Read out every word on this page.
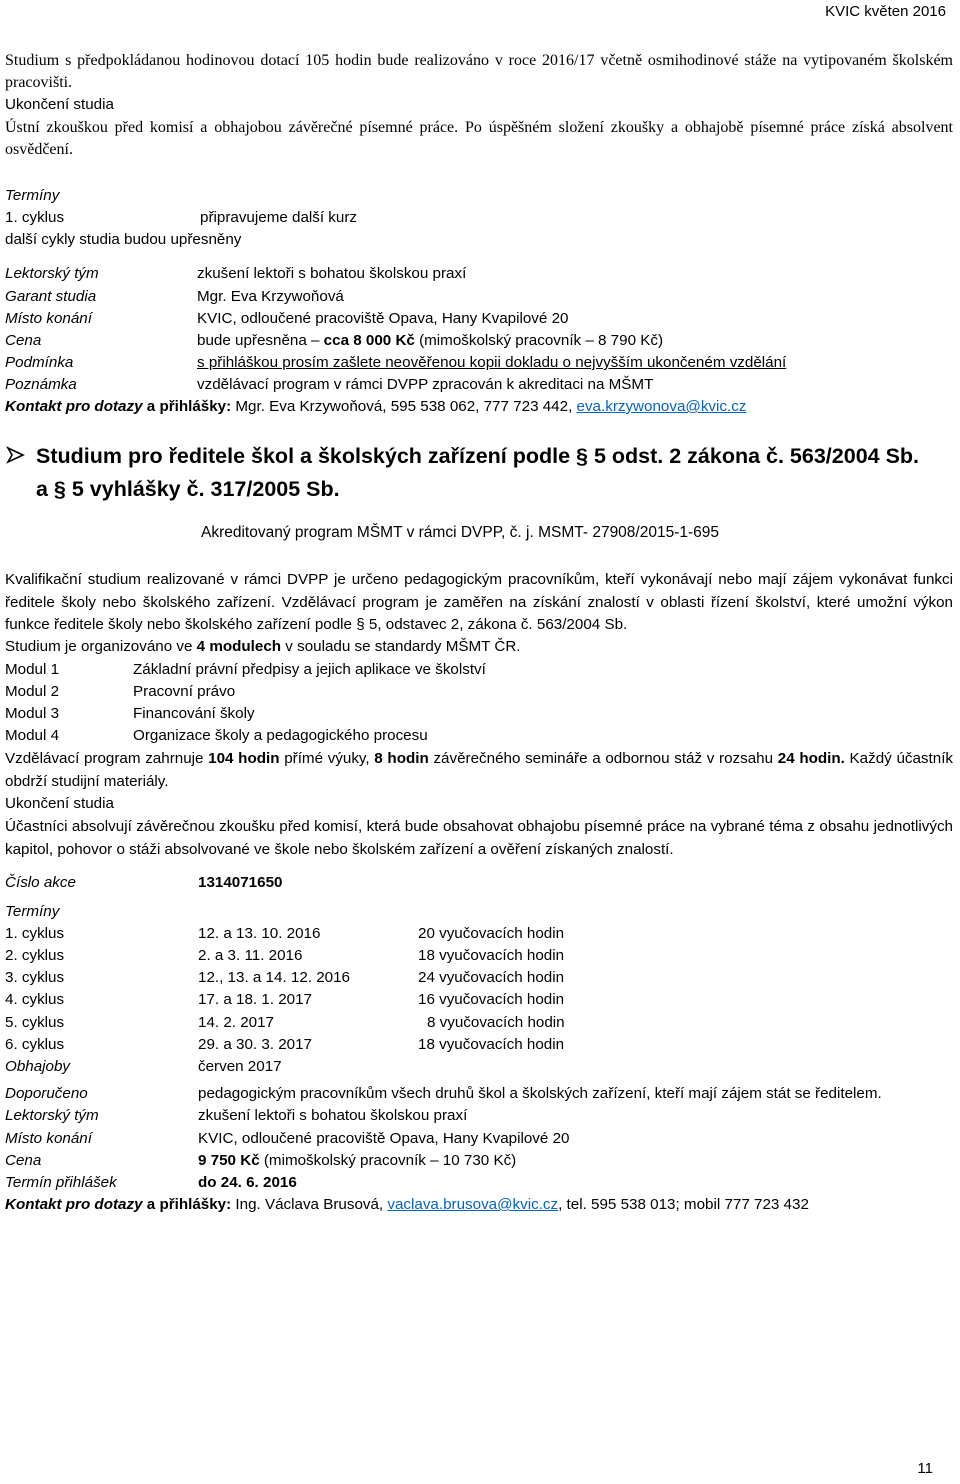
KVIC květen 2016
Studium s předpokládanou hodinovou dotací 105 hodin bude realizováno v roce 2016/17 včetně osmihodinové stáže na vytipovaném školském pracovišti.
Ukončení studia
Ústní zkouškou před komisí a obhajobou závěrečné písemné práce. Po úspěšném složení zkoušky a obhajobě písemné práce získá absolvent osvědčení.
Termíny
1. cyklus	připravujeme další kurz
další cykly studia budou upřesněny
Lektorský tým	zkušení lektoři s bohatou školskou praxí
Garant studia	Mgr. Eva Krzywoňová
Místo konání	KVIC, odloučené pracoviště Opava, Hany Kvapilové 20
Cena	bude upřesněna – cca 8 000 Kč (mimoškolský pracovník – 8 790 Kč)
Podmínka	s přihláškou prosím zašlete neověřenou kopii dokladu o nejvyšším ukončeném vzdělání
Poznámka	vzdělávací program v rámci DVPP zpracován k akreditaci na MŠMT
Kontakt pro dotazy a přihlášky: Mgr. Eva Krzywoňová, 595 538 062, 777 723 442, eva.krzywonova@kvic.cz
Studium pro ředitele škol a školských zařízení podle § 5 odst. 2 zákona č. 563/2004 Sb.
a § 5 vyhlášky č. 317/2005 Sb.
Akreditovaný program MŠMT v rámci DVPP, č. j. MSMT- 27908/2015-1-695
Kvalifikační studium realizované v rámci DVPP je určeno pedagogickým pracovníkům, kteří vykonávají nebo mají zájem vykonávat funkci ředitele školy nebo školského zařízení. Vzdělávací program je zaměřen na získání znalostí v oblasti řízení školství, které umožní výkon funkce ředitele školy nebo školského zařízení podle § 5, odstavec 2, zákona č. 563/2004 Sb.
Studium je organizováno ve 4 modulech v souladu se standardy MŠMT ČR.
Modul 1	Základní právní předpisy a jejich aplikace ve školství
Modul 2	Pracovní právo
Modul 3	Financování školy
Modul 4	Organizace školy a pedagogického procesu
Vzdělávací program zahrnuje 104 hodin přímé výuky, 8 hodin závěrečného semináře a odbornou stáž v rozsahu 24 hodin. Každý účastník obdrží studijní materiály.
Ukončení studia
Účastníci absolvují závěrečnou zkoušku před komisí, která bude obsahovat obhajobu písemné práce na vybrané téma z obsahu jednotlivých kapitol, pohovor o stáži absolvované ve škole nebo školském zařízení a ověření získaných znalostí.
Číslo akce	1314071650
Termíny
1. cyklus	12. a 13. 10. 2016	20 vyučovacích hodin
2. cyklus	2. a 3. 11. 2016	18 vyučovacích hodin
3. cyklus	12., 13. a 14. 12. 2016	24 vyučovacích hodin
4. cyklus	17. a 18. 1. 2017	16 vyučovacích hodin
5. cyklus	14. 2. 2017	8 vyučovacích hodin
6. cyklus	29. a 30. 3. 2017	18 vyučovacích hodin
Obhajoby	červen 2017
Doporučeno	pedagogickým pracovníkům všech druhů škol a školských zařízení, kteří mají zájem stát se ředitelem.
Lektorský tým	zkušení lektoři s bohatou školskou praxí
Místo konání	KVIC, odloučené pracoviště Opava, Hany Kvapilové 20
Cena	9 750 Kč (mimoškolský pracovník – 10 730 Kč)
Termín přihlášek	do 24. 6. 2016
Kontakt pro dotazy a přihlášky: Ing. Václava Brusová, vaclava.brusova@kvic.cz, tel. 595 538 013; mobil 777 723 432
11
